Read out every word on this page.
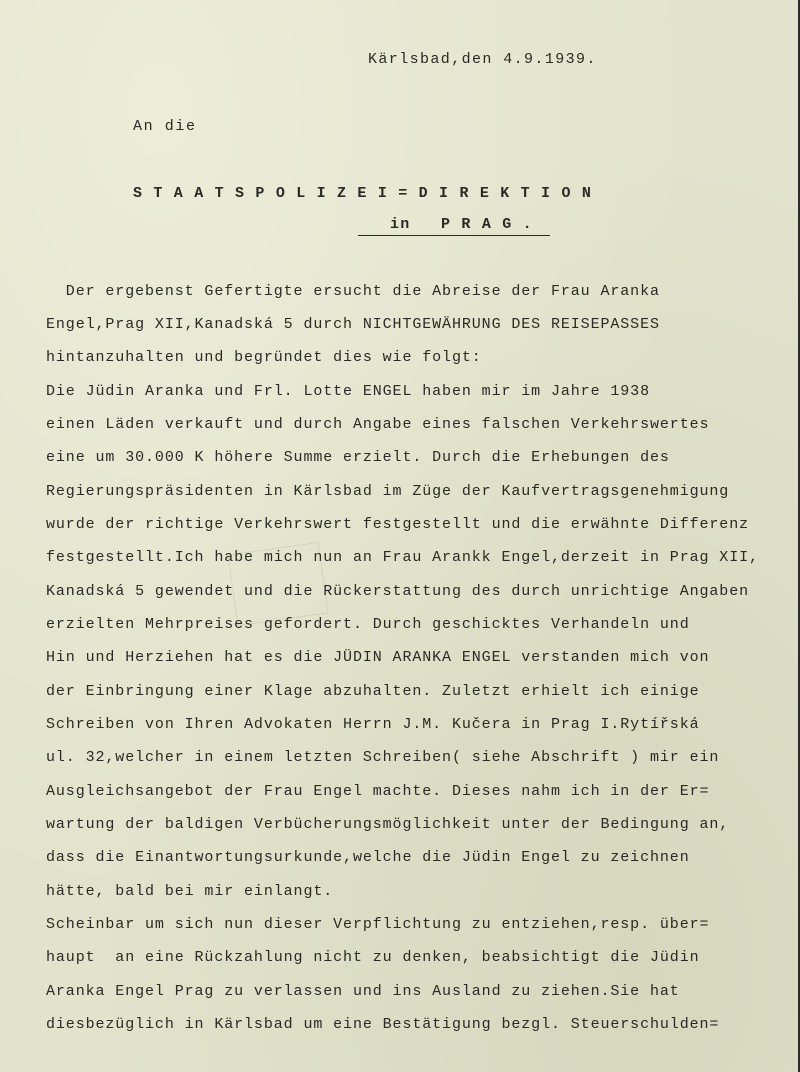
Kärlsbad,den 4.9.1939.
An die
S T A A T S P O L I Z E I = D I R E K T I O N
in   P R A G .
Der ergebenst Gefertigte ersucht die Abreise der Frau Aranka
Engel,Prag XII,Kanadská 5 durch NICHTGEWÄHRUNG DES REISEPASSES
hintanzuhalten und begründet dies wie folgt:
Die Jüdin Aranka und Frl. Lotte ENGEL haben mir im Jahre 1938
einen Läden verkauft und durch Angabe eines falschen Verkehrswertes
eine um 30.000 K höhere Summe erzielt. Durch die Erhebungen des
Regierungspräsidenten in Kärlsbad im Züge der Kaufvertragsgenehmigung
wurde der richtige Verkehrswert festgestellt und die erwähnte Differenz
festgestellt.Ich habe mich nun an Frau Arankk Engel,derzeit in Prag XII,
Kanadská 5 gewendet und die Rückerstattung des durch unrichtige Angaben
erzielten Mehrpreises gefordert. Durch geschicktes Verhandeln und
Hin und Herziehen hat es die JÜDIN ARANKA ENGEL verstanden mich von
der Einbringung einer Klage abzuhalten. Zuletzt erhielt ich einige
Schreiben von Ihren Advokaten Herrn J.M. Kučera in Prag I.Rytířská
ul. 32,welcher in einem letzten Schreiben( siehe Abschrift ) mir ein
Ausgleichsangebot der Frau Engel machte. Dieses nahm ich in der Er=
wartung der baldigen Verbücherungsmöglichkeit unter der Bedingung an,
dass die Einantwortungsurkunde,welche die Jüdin Engel zu zeichnen
hätte, bald bei mir einlangt.
Scheinbar um sich nun dieser Verpflichtung zu entziehen,resp. über=
haupt  an eine Rückzahlung nicht zu denken, beabsichtigt die Jüdin
Aranka Engel Prag zu verlassen und ins Ausland zu ziehen.Sie hat
diesbezüglich in Kärlsbad um eine Bestätigung bezgl. Steuerschulden=
